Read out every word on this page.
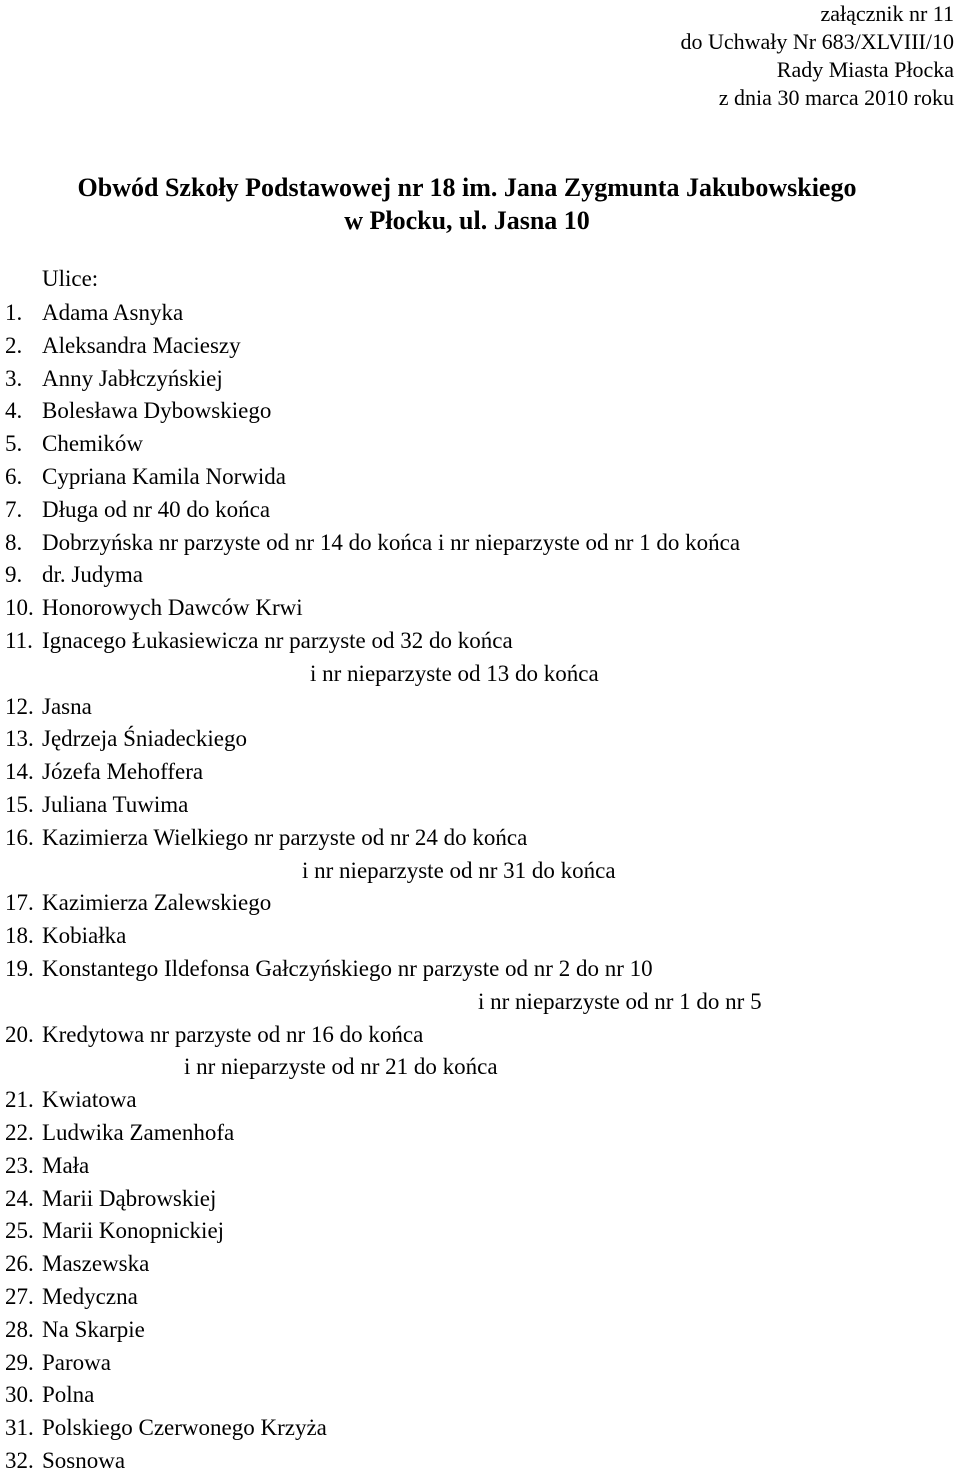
załącznik nr 11
do Uchwały Nr 683/XLVIII/10
Rady Miasta Płocka
z dnia 30 marca 2010 roku
Obwód Szkoły Podstawowej nr 18 im. Jana Zygmunta Jakubowskiego
w Płocku, ul. Jasna 10
Ulice:
1. Adama Asnyka
2. Aleksandra Macieszy
3. Anny Jabłczyńskiej
4. Bolesława Dybowskiego
5. Chemików
6. Cypriana Kamila Norwida
7. Długa od nr 40 do końca
8. Dobrzyńska nr parzyste od nr 14 do końca i nr nieparzyste od nr 1 do końca
9. dr. Judyma
10. Honorowych Dawców Krwi
11. Ignacego Łukasiewicza nr parzyste od 32 do końca
i nr nieparzyste od 13 do końca
12. Jasna
13. Jędrzeja Śniadeckiego
14. Józefa Mehoffera
15. Juliana Tuwima
16. Kazimierza Wielkiego nr parzyste od nr 24 do końca
i nr nieparzyste od nr 31 do końca
17. Kazimierza Zalewskiego
18. Kobiałka
19. Konstantego Ildefonsa Gałczyńskiego nr parzyste od nr 2 do nr 10
i nr nieparzyste od nr 1 do nr 5
20. Kredytowa nr parzyste od nr 16 do końca
i nr nieparzyste od nr 21 do końca
21. Kwiatowa
22. Ludwika Zamenhofa
23. Mała
24. Marii Dąbrowskiej
25. Marii Konopnickiej
26. Maszewska
27. Medyczna
28. Na Skarpie
29. Parowa
30. Polna
31. Polskiego Czerwonego Krzyża
32. Sosnowa
